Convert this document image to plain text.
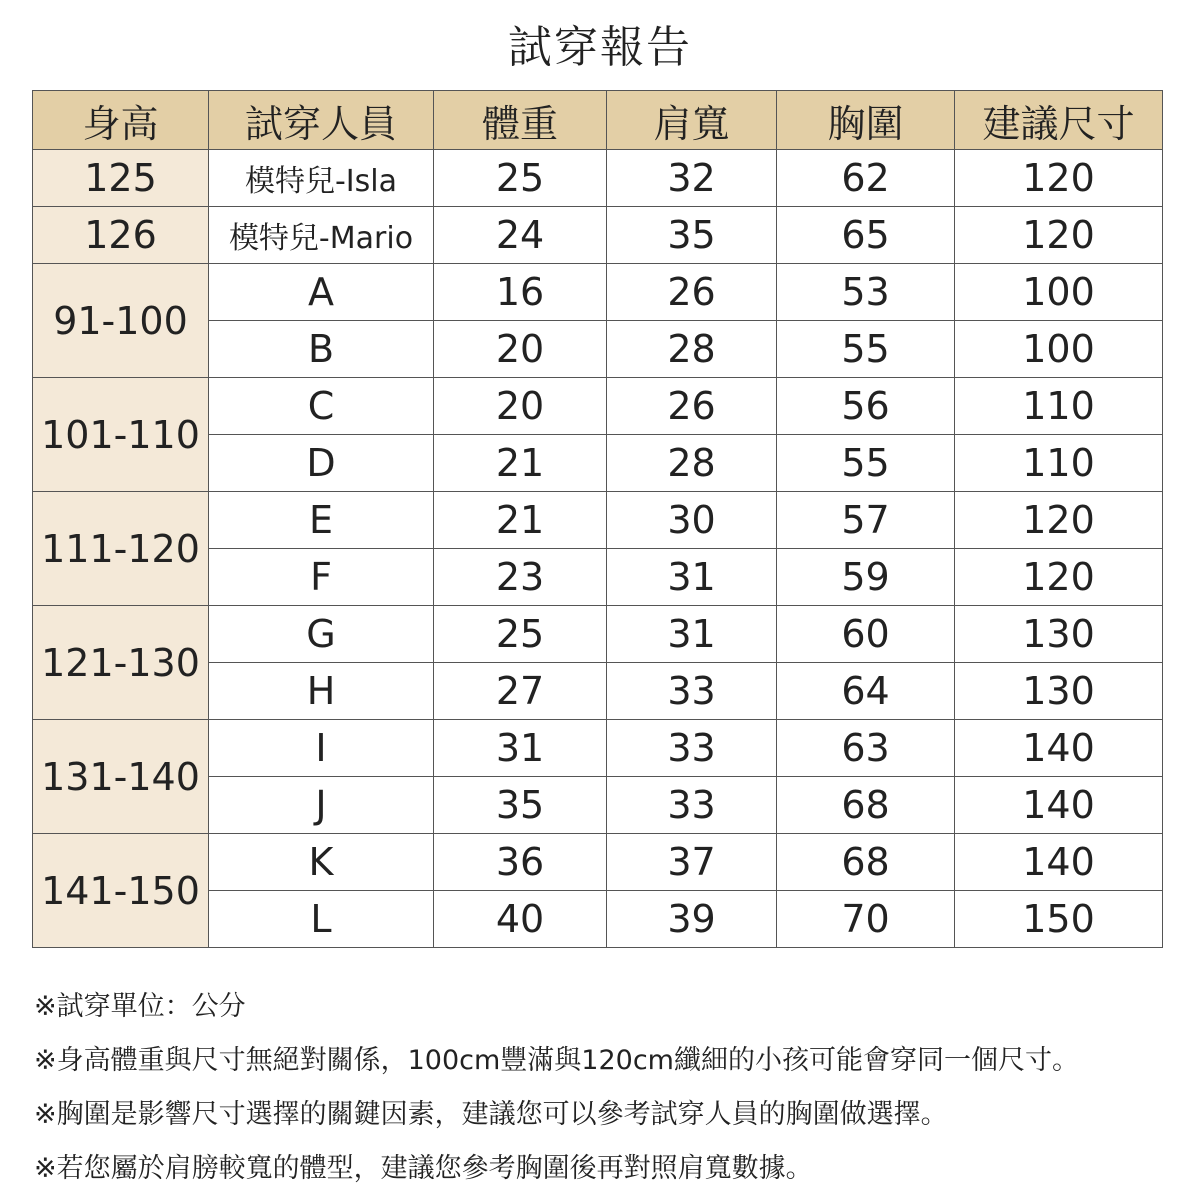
試穿報告
身高	試穿人員	體重	肩寬	胸圍	建議尺寸
125	模特兒-Isla	25	32	62	120
126	模特兒-Mario	24	35	65	120
91-100	A	16	26	53	100
	B	20	28	55	100
101-110	C	20	26	56	110
	D	21	28	55	110
111-120	E	21	30	57	120
	F	23	31	59	120
121-130	G	25	31	60	130
	H	27	33	64	130
131-140	I	31	33	63	140
	J	35	33	68	140
141-150	K	36	37	68	140
	L	40	39	70	150
※試穿單位：公分
※身高體重與尺寸無絕對關係，100cm豐滿與120cm纖細的小孩可能會穿同一個尺寸。
※胸圍是影響尺寸選擇的關鍵因素，建議您可以參考試穿人員的胸圍做選擇。
※若您屬於肩膀較寬的體型，建議您參考胸圍後再對照肩寬數據。
